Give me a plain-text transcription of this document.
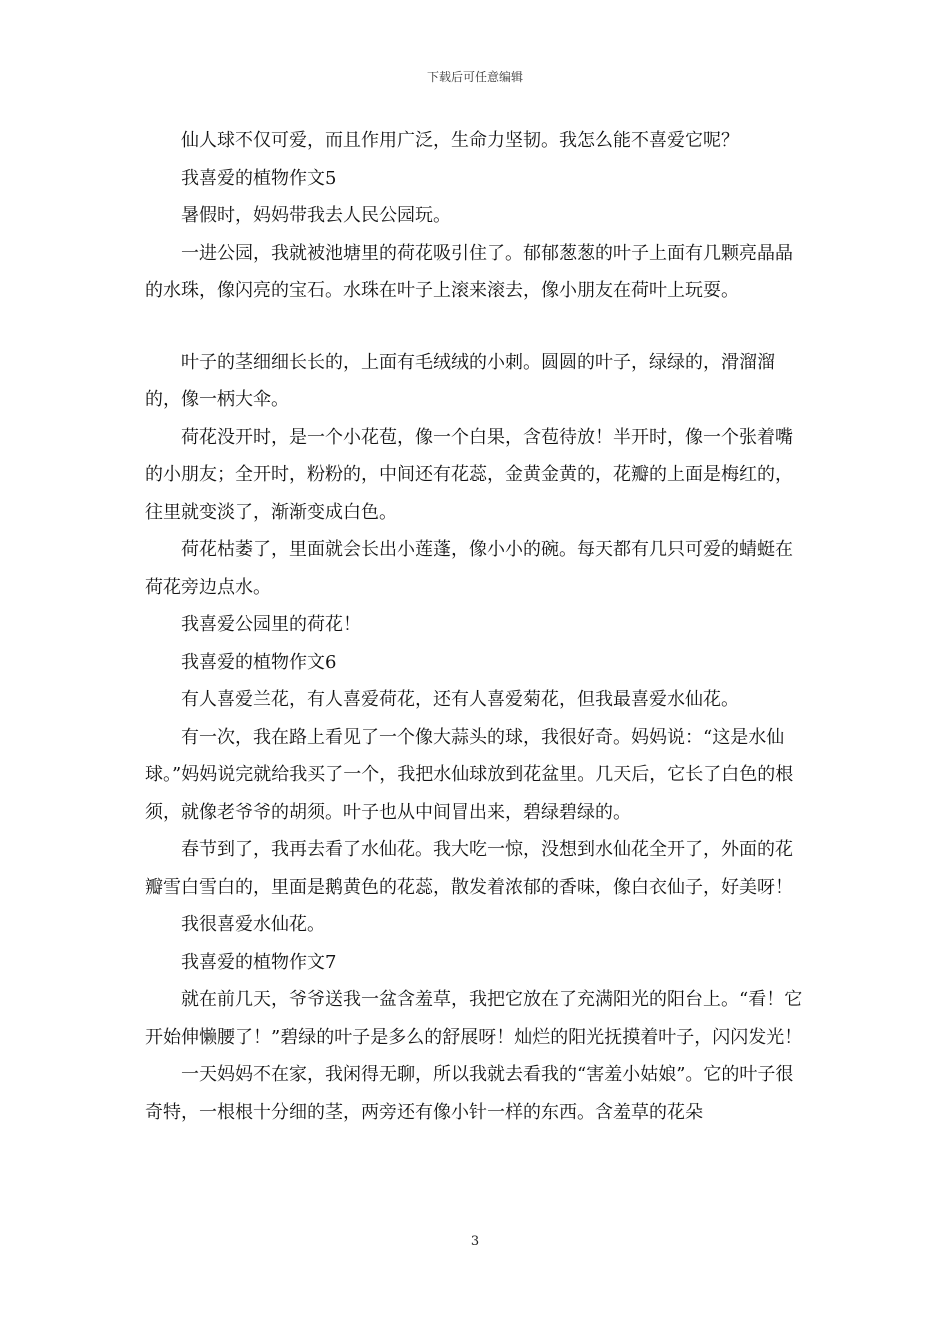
下载后可任意编辑

仙人球不仅可爱，而且作用广泛，生命力坚韧。我怎么能不喜爱它呢？

我喜爱的植物作文5

暑假时，妈妈带我去人民公园玩。

一进公园，我就被池塘里的荷花吸引住了。郁郁葱葱的叶子上面有几颗亮晶晶的水珠，像闪亮的宝石。水珠在叶子上滚来滚去，像小朋友在荷叶上玩耍。

叶子的茎细细长长的，上面有毛绒绒的小刺。圆圆的叶子，绿绿的，滑溜溜的，像一柄大伞。

荷花没开时，是一个小花苞，像一个白果，含苞待放！半开时，像一个张着嘴的小朋友；全开时，粉粉的，中间还有花蕊，金黄金黄的，花瓣的上面是梅红的，往里就变淡了，渐渐变成白色。

荷花枯萎了，里面就会长出小莲蓬，像小小的碗。每天都有几只可爱的蜻蜓在荷花旁边点水。

我喜爱公园里的荷花！

我喜爱的植物作文6

有人喜爱兰花，有人喜爱荷花，还有人喜爱菊花，但我最喜爱水仙花。

有一次，我在路上看见了一个像大蒜头的球，我很好奇。妈妈说：“这是水仙球。”妈妈说完就给我买了一个，我把水仙球放到花盆里。几天后，它长了白色的根须，就像老爷爷的胡须。叶子也从中间冒出来，碧绿碧绿的。

春节到了，我再去看了水仙花。我大吃一惊，没想到水仙花全开了，外面的花瓣雪白雪白的，里面是鹅黄色的花蕊，散发着浓郁的香味，像白衣仙子，好美呀！

我很喜爱水仙花。

我喜爱的植物作文7

就在前几天，爷爷送我一盆含羞草，我把它放在了充满阳光的阳台上。“看！它开始伸懒腰了！”碧绿的叶子是多么的舒展呀！灿烂的阳光抚摸着叶子，闪闪发光！

一天妈妈不在家，我闲得无聊，所以我就去看我的“害羞小姑娘”。它的叶子很奇特，一根根十分细的茎，两旁还有像小针一样的东西。含羞草的花朵

3
